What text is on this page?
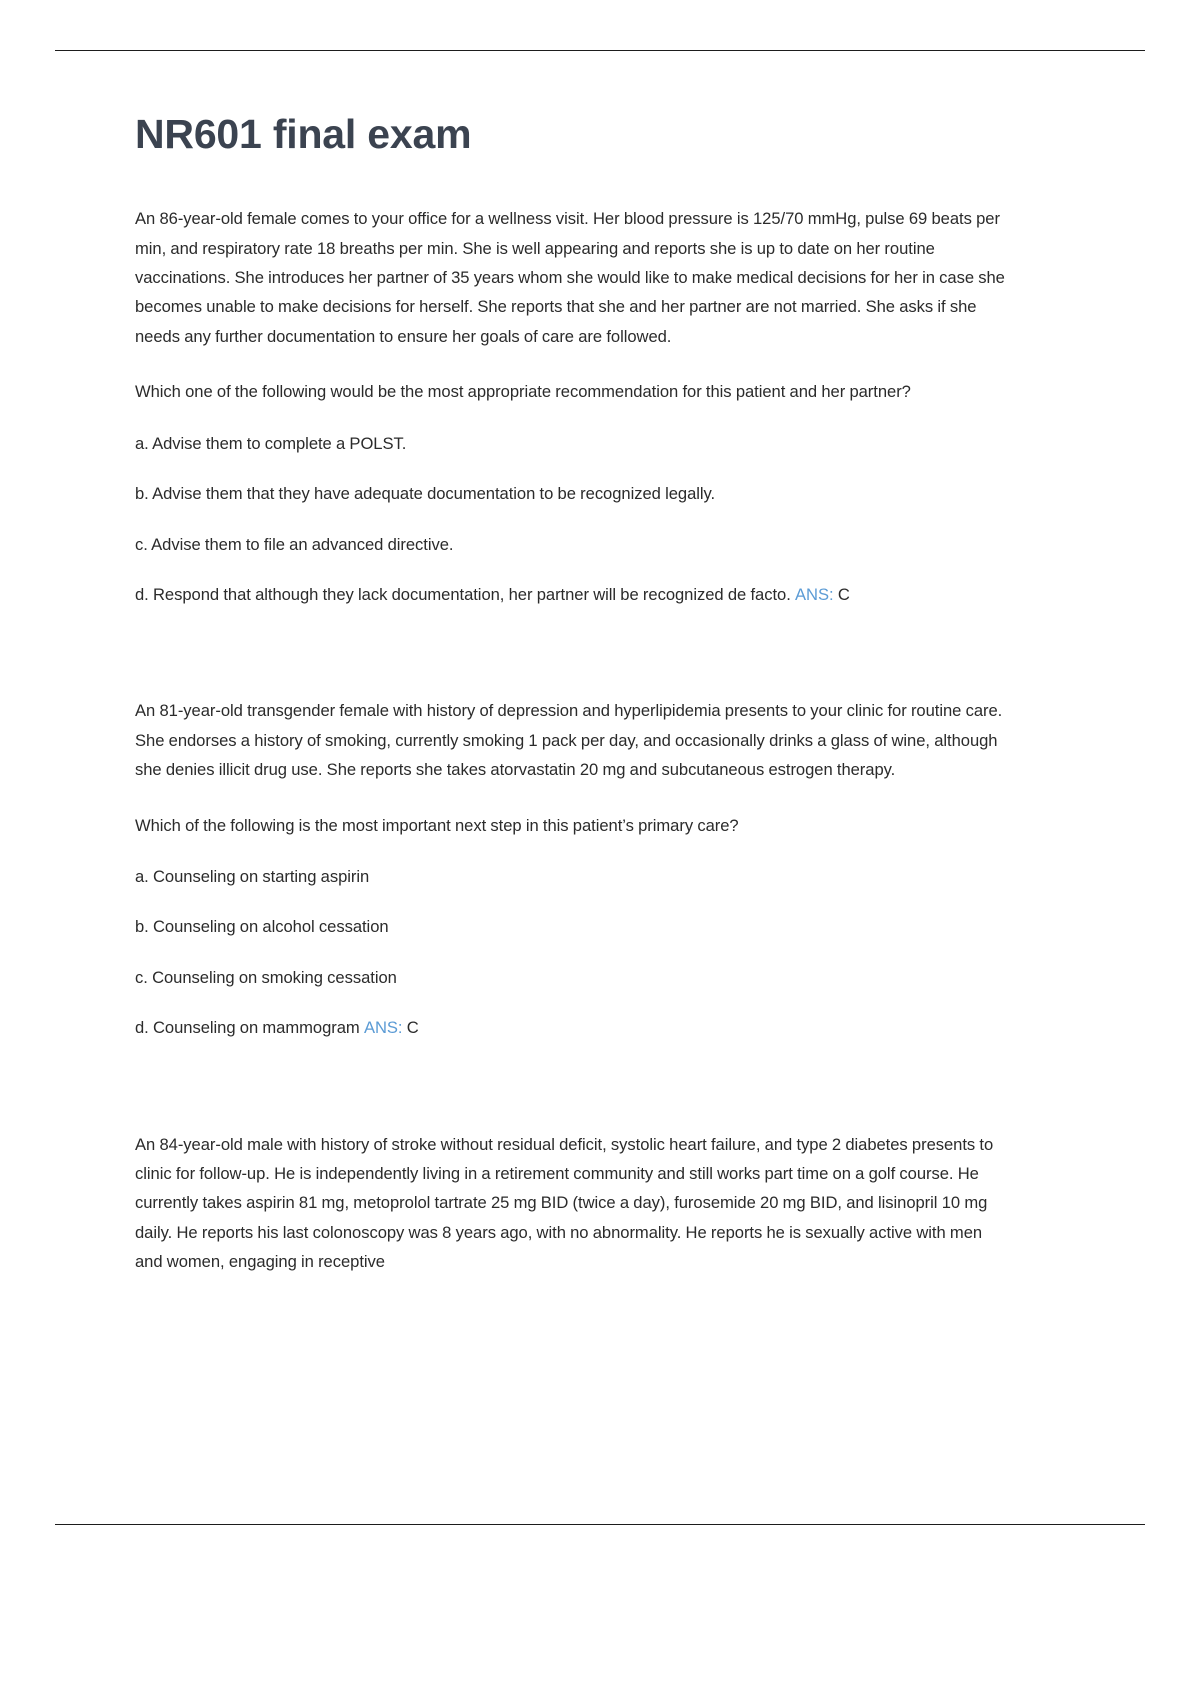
NR601 final exam

An 86-year-old female comes to your office for a wellness visit. Her blood pressure is 125/70 mmHg, pulse 69 beats per min, and respiratory rate 18 breaths per min. She is well appearing and reports she is up to date on her routine vaccinations. She introduces her partner of 35 years whom she would like to make medical decisions for her in case she becomes unable to make decisions for herself. She reports that she and her partner are not married. She asks if she needs any further documentation to ensure her goals of care are followed.

Which one of the following would be the most appropriate recommendation for this patient and her partner?

a. Advise them to complete a POLST.

b. Advise them that they have adequate documentation to be recognized legally.

c. Advise them to file an advanced directive.

d. Respond that although they lack documentation, her partner will be recognized de facto. ANS: C

An 81-year-old transgender female with history of depression and hyperlipidemia presents to your clinic for routine care. She endorses a history of smoking, currently smoking 1 pack per day, and occasionally drinks a glass of wine, although she denies illicit drug use. She reports she takes atorvastatin 20 mg and subcutaneous estrogen therapy.

Which of the following is the most important next step in this patient’s primary care?

a. Counseling on starting aspirin

b. Counseling on alcohol cessation

c. Counseling on smoking cessation

d. Counseling on mammogram ANS: C

An 84-year-old male with history of stroke without residual deficit, systolic heart failure, and type 2 diabetes presents to clinic for follow-up. He is independently living in a retirement community and still works part time on a golf course. He currently takes aspirin 81 mg, metoprolol tartrate 25 mg BID (twice a day), furosemide 20 mg BID, and lisinopril 10 mg daily. He reports his last colonoscopy was 8 years ago, with no abnormality. He reports he is sexually active with men and women, engaging in receptive
